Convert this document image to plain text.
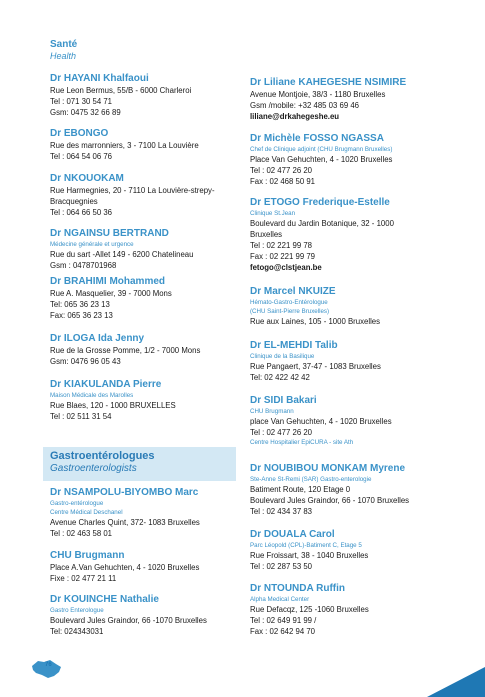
Santé
Health
Dr HAYANI Khalfaoui
Rue Leon Bermus, 55/B - 6000 Charleroi
Tel : 071 30 54 71
Gsm: 0475 32 66 89
Dr EBONGO
Rue des marronniers, 3 - 7100 La Louvière
Tel : 064 54 06 76
Dr NKOUOKAM
Rue Harmegnies, 20 - 7110 La Louvière-strepy-
Bracquegnies
Tel : 064 66 50 36
Dr NGAINSU BERTRAND
Médecine générale et urgence
Rue du sart -Allet 149 - 6200 Chatelineau
Gsm : 0478701968
Dr BRAHIMI Mohammed
Rue A. Masquelier, 39 - 7000 Mons
Tel: 065 36 23 13
Fax: 065 36 23 13
Dr ILOGA Ida Jenny
Rue de la Grosse Pomme, 1/2 - 7000 Mons
Gsm: 0476 96 05 43
Dr KIAKULANDA Pierre
Maison Médicale des Marolles
Rue Blaes, 120 - 1000 BRUXELLES
Tel : 02 511 31 54
Gastroentérologues
Gastroenterologists
Dr NSAMPOLU-BIYOMBO Marc
Gastro-entérologue
Centre Médical Deschanel
Avenue Charles Quint, 372- 1083 Bruxelles
Tel : 02 463 58 01
CHU Brugmann
Place A.Van Gehuchten, 4 - 1020 Bruxelles
Fixe : 02 477 21 11
Dr KOUINCHE Nathalie
Gastro Enterologue
Boulevard Jules Graindor, 66 -1070 Bruxelles
Tel: 024343031
Dr Liliane KAHEGESHE NSIMIRE
Avenue Montjoie, 38/3 - 1180 Bruxelles
Gsm /mobile: +32 485 03 69 46
liliane@drkahegeshe.eu
Dr Michèle FOSSO NGASSA
Chef de Clinique adjoint (CHU Brugmann Bruxelles)
Place Van Gehuchten, 4 - 1020 Bruxelles
Tel : 02 477 26 20
Fax : 02 468 50 91
Dr ETOGO Frederique-Estelle
Clinique St.Jean
Boulevard du Jardin Botanique, 32 - 1000
Bruxelles
Tel : 02 221 99 78
Fax : 02 221 99 79
fetogo@clstjean.be
Dr Marcel NKUIZE
Hémato-Gastro-Entérologue
(CHU Saint-Pierre Bruxelles)
Rue aux Laines, 105 - 1000 Bruxelles
Dr EL-MEHDI Talib
Clinique de la Basilique
Rue Pangaert, 37-47 - 1083 Bruxelles
Tel: 02 422 42 42
Dr SIDI Bakari
CHU Brugmann
place Van Gehuchten, 4 - 1020 Bruxelles
Tel : 02 477 26 20
Centre Hospitalier EpiCURA - site Ath
Dr NOUBIBOU MONKAM Myrene
Ste-Anne St-Remi (SAR) Gastro-enterologie
Batiment Route, 120 Etage 0
Boulevard Jules Graindor, 66 - 1070 Bruxelles
Tel : 02 434 37 83
Dr DOUALA Carol
Parc Léopold (CPL)-Batiment C, Etage 5
Rue Froissart, 38 - 1040 Bruxelles
Tel : 02 287 53 50
Dr NTOUNDA Ruffin
Alpha Medical Center
Rue Defacqz, 125 -1060 Bruxelles
Tel : 02 649 91 99 /
Fax : 02 642 94 70
76
